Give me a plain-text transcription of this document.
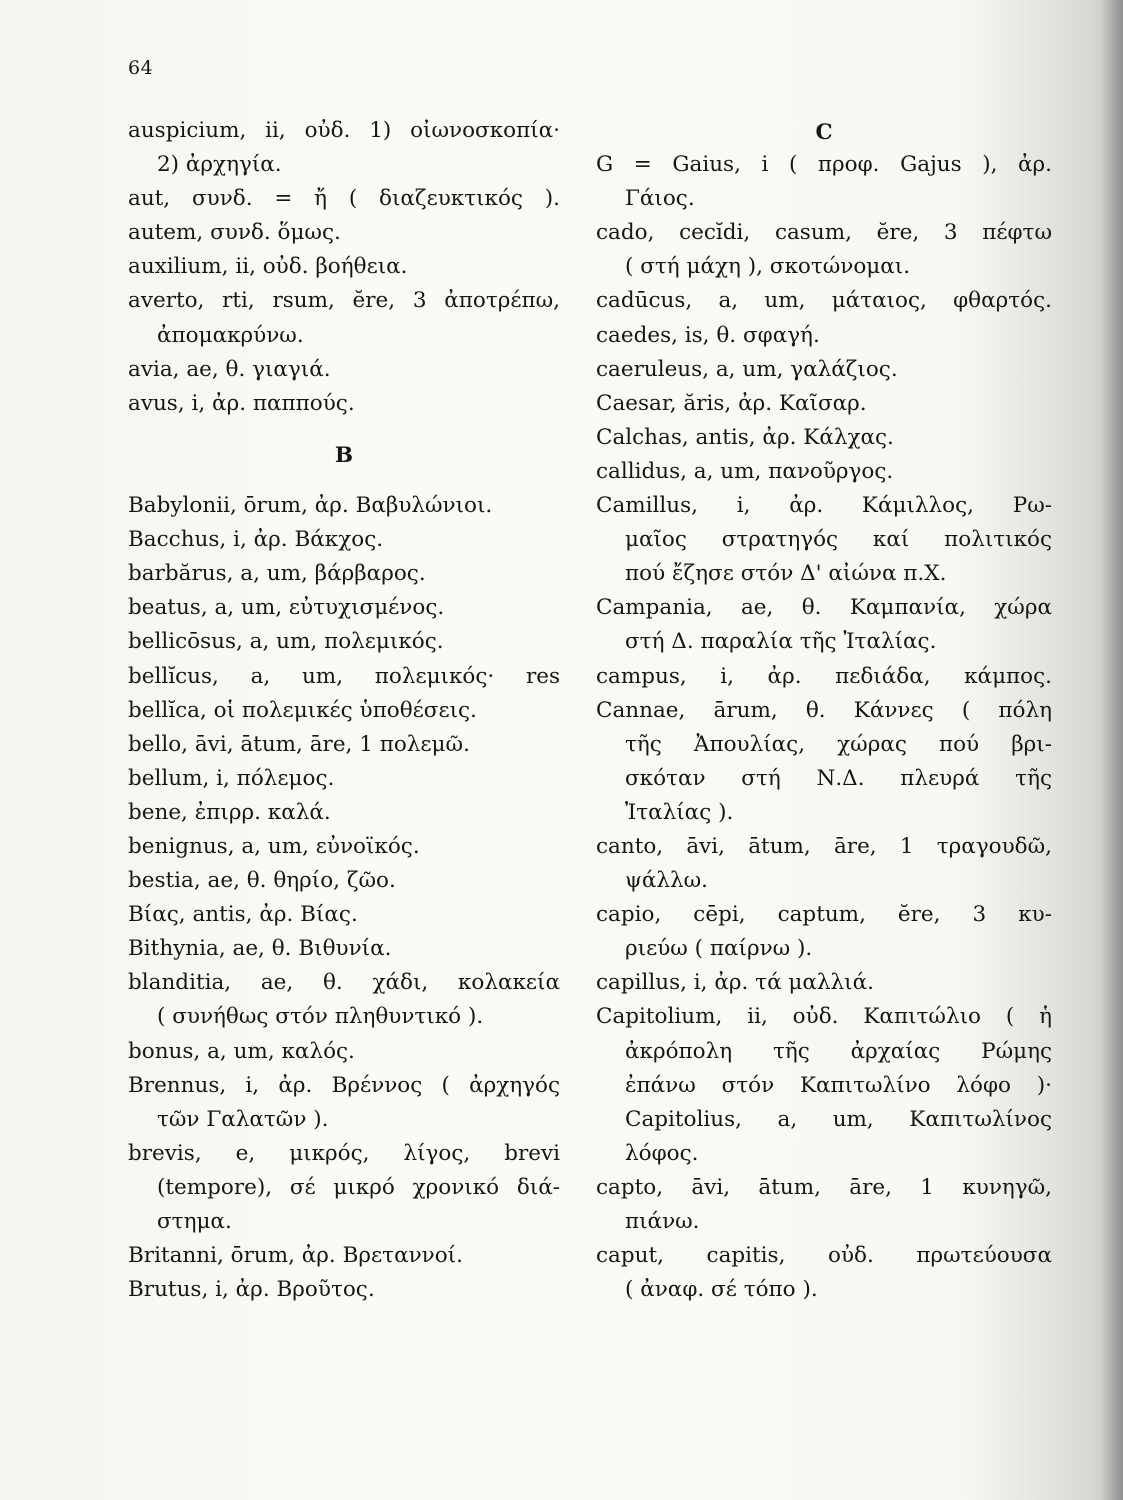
64
auspicium, ii, οὐδ. 1) οἰωνοσκοπία·
2) ἀρχηγία.
aut, συνδ. = ἤ ( διαζευκτικός ).
autem, συνδ. ὅμως.
auxilium, ii, οὐδ. βοήθεια.
averto, rti, rsum, ĕre, 3 ἀποτρέπω,
ἀπομακρύνω.
avia, ae, θ. γιαγιά.
avus, i, ἀρ. παππούς.
B
Babylonii, ōrum, ἀρ. Βαβυλώνιοι.
Bacchus, i, ἀρ. Βάκχος.
barbărus, a, um, βάρβαρος.
beatus, a, um, εὐτυχισμένος.
bellicōsus, a, um, πολεμικός.
bellĭcus, a, um, πολεμικός· res
bellĭca, οἱ πολεμικές ὑποθέσεις.
bello, āvi, ātum, āre, 1 πολεμῶ.
bellum, i, πόλεμος.
bene, ἐπιρρ. καλά.
benignus, a, um, εὐνοϊκός.
bestia, ae, θ. θηρίο, ζῶο.
Βίας, antis, ἀρ. Βίας.
Bithynia, ae, θ. Βιθυνία.
blanditia, ae, θ. χάδι, κολακεία
( συνήθως στόν πληθυντικό ).
bonus, a, um, καλός.
Brennus, i, ἀρ. Βρέννος ( ἀρχηγός
τῶν Γαλατῶν ).
brevis, e, μικρός, λίγος, brevi
(tempore), σέ μικρό χρονικό διά-
στημα.
Britanni, ōrum, ἀρ. Βρεταννοί.
Brutus, i, ἀρ. Βροῦτος.
C
G = Gaius, i ( προφ. Gajus ), ἀρ.
Γάιος.
cado, cecĭdi, casum, ĕre, 3 πέφτω
( στή μάχη ), σκοτώνομαι.
cadūcus, a, um, μάταιος, φθαρτός.
caedes, is, θ. σφαγή.
caeruleus, a, um, γαλάζιος.
Caesar, ăris, ἀρ. Καῖσαρ.
Calchas, antis, ἀρ. Κάλχας.
callidus, a, um, πανοῦργος.
Camillus, i, ἀρ. Κάμιλλος, Ρω-
μαῖος στρατηγός καί πολιτικός
πού ἔζησε στόν Δ' αἰώνα π.Χ.
Campania, ae, θ. Καμπανία, χώρα
στή Δ. παραλία τῆς Ἰταλίας.
campus, i, ἀρ. πεδιάδα, κάμπος.
Cannae, ārum, θ. Κάννες ( πόλη
τῆς Ἀπουλίας, χώρας πού βρι-
σκόταν στή Ν.Δ. πλευρά τῆς
Ἰταλίας ).
canto, āvi, ātum, āre, 1 τραγουδῶ,
ψάλλω.
capio, cēpi, captum, ĕre, 3 κυ-
ριεύω ( παίρνω ).
capillus, i, ἀρ. τά μαλλιά.
Capitolium, ii, οὐδ. Καπιτώλιο ( ἡ
ἀκρόπολη τῆς ἀρχαίας Ρώμης
ἐπάνω στόν Καπιτωλίνο λόφο )·
Capitolius, a, um, Καπιτωλίνος
λόφος.
capto, āvi, ātum, āre, 1 κυνηγῶ,
πιάνω.
caput, capitis, οὐδ. πρωτεύουσα
( ἀναφ. σέ τόπο ).
